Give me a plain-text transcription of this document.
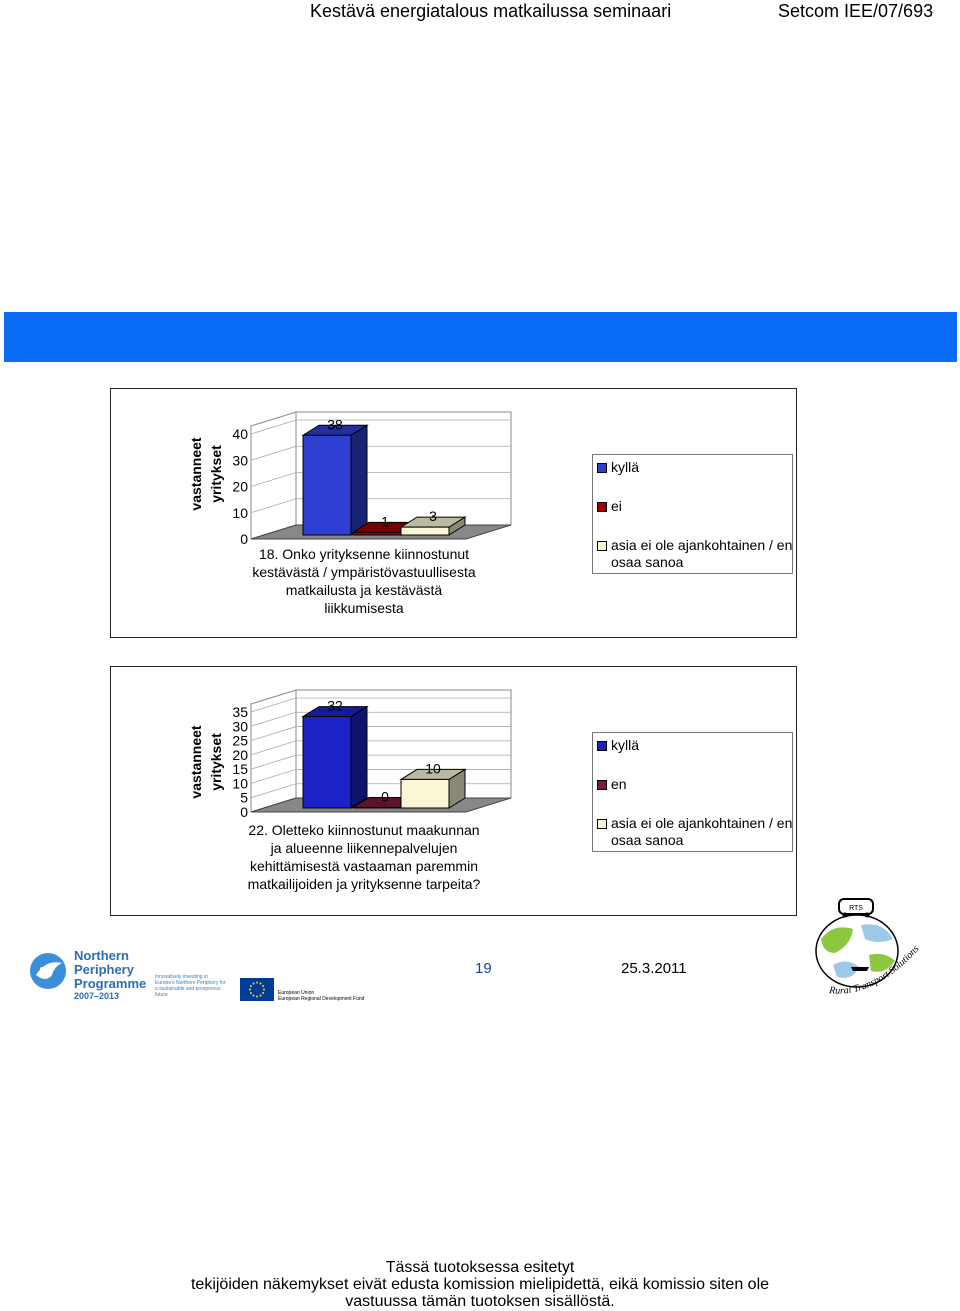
Kestävä energiatalous matkailussa seminaari	Setcom IEE/07/693
0
10
20
30
40
38
1	3
vastanneet yritykset
18. Onko yrityksenne kiinnostunut
kestävästä / ympäristövastuullisesta
matkailusta ja kestävästä
liikkumisesta
kyllä
ei
asia ei ole ajankohtainen / en
osaa sanoa
0
5
10
15
20
25
30
35	32
0
10
vastanneet yritykset
22. Oletteko kiinnostunut maakunnan
ja alueenne liikennepalvelujen
kehittämisestä vastaaman paremmin
matkailijoiden ja yrityksenne tarpeita?
kyllä
en
asia ei ole ajankohtainen / en
osaa sanoa
Northern
Periphery
Programme
2007–2013
Innovatively investing in Europe's Northern Periphery for a sustainable and prosperous future	European Union
European Regional Development Fund
19	25.3.2011
RTS
Rural Transport Solutions
Tässä tuotoksessa esitetyt
tekijöiden näkemykset eivät edusta komission mielipidettä, eikä komissio siten ole
vastuussa tämän tuotoksen sisällöstä.
